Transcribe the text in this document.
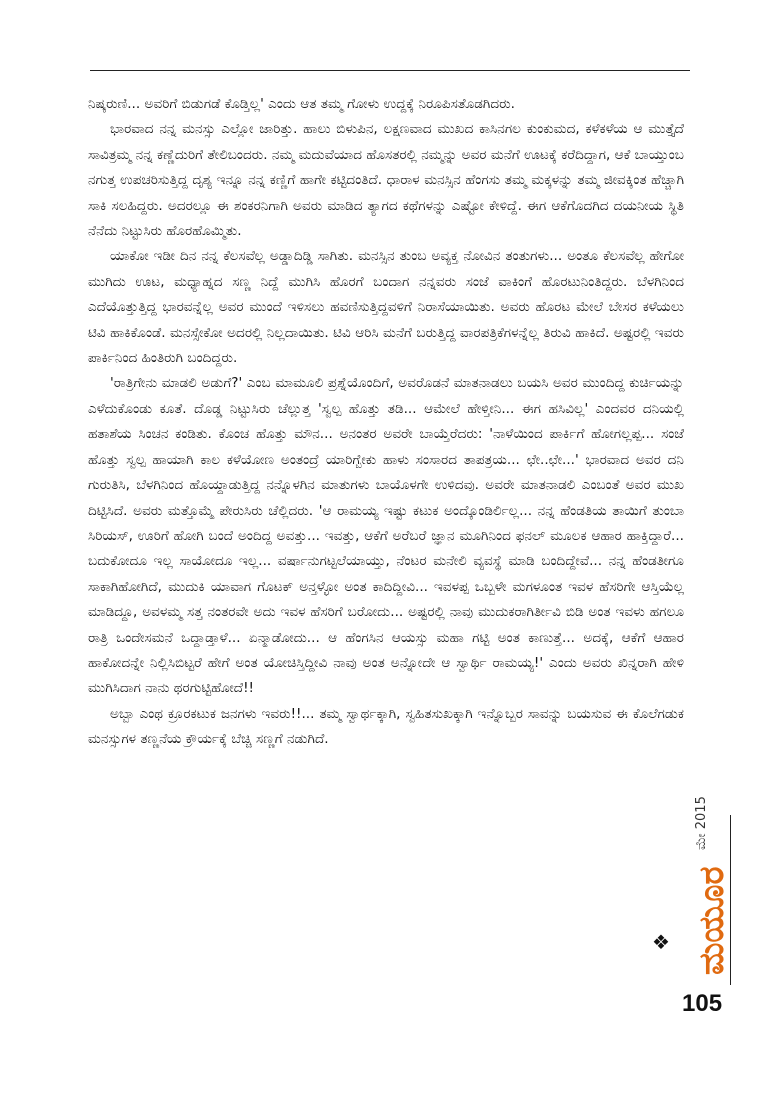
ನಿಷ್ಕರುಣಿ... ಅವರಿಗೆ ಬಿಡುಗಡೆ ಕೊಡ್ತಿಲ್ಲ' ಎಂದು ಆತ ತಮ್ಮ ಗೋಳು ಉದ್ದಕ್ಕೆ ನಿರೂಪಿಸತೊಡಗಿದರು.

ಭಾರವಾದ ನನ್ನ ಮನಸ್ಸು ಎಲ್ಲೋ ಜಾರಿತ್ತು. ಹಾಲು ಬಿಳುಪಿನ, ಲಕ್ಷಣವಾದ ಮುಖದ ಕಾಸಿನಗಲ ಕುಂಕುಮದ, ಕಳೆಕಳೆಯ ಆ ಮುತ್ತೈದೆ ಸಾವಿತ್ರಮ್ಮ ನನ್ನ ಕಣ್ಣೆದುರಿಗೆ ತೇಲಿಬಂದರು. ನಮ್ಮ ಮದುವೆಯಾದ ಹೊಸತರಲ್ಲಿ ನಮ್ಮನ್ನು ಅವರ ಮನೆಗೆ ಊಟಕ್ಕೆ ಕರೆದಿದ್ದಾಗ, ಆಕೆ ಬಾಯ್ತುಂಬ ನಗುತ್ತ ಉಪಚರಿಸುತ್ತಿದ್ದ ದೃಶ್ಯ ಇನ್ನೂ ನನ್ನ ಕಣ್ಣಿಗೆ ಹಾಗೇ ಕಟ್ಟಿದಂತಿದೆ. ಧಾರಾಳ ಮನಸ್ಸಿನ ಹೆಂಗಸು ತಮ್ಮ ಮಕ್ಕಳನ್ನು ತಮ್ಮ ಜೀವಕ್ಕಿಂತ ಹೆಚ್ಚಾಗಿ ಸಾಕಿ ಸಲಹಿದ್ದರು. ಅದರಲ್ಲೂ ಈ ಶಂಕರನಿಗಾಗಿ ಅವರು ಮಾಡಿದ ತ್ಯಾಗದ ಕಥೆಗಳನ್ನು ಎಷ್ಟೋ ಕೇಳಿದ್ದೆ. ಈಗ ಆಕೆಗೊದಗಿದ ದಯನೀಯ ಸ್ಥಿತಿ ನೆನೆದು ನಿಟ್ಟುಸಿರು ಹೊರಹೊಮ್ಮಿತು.

ಯಾಕೋ ಇಡೀ ದಿನ ನನ್ನ ಕೆಲಸವೆಲ್ಲ ಅಡ್ಡಾದಿಡ್ಡಿ ಸಾಗಿತು. ಮನಸ್ಸಿನ ತುಂಬ ಅವ್ಯಕ್ತ ನೋವಿನ ತಂತುಗಳು... ಅಂತೂ ಕೆಲಸವೆಲ್ಲ ಹೇಗೋ ಮುಗಿದು ಊಟ, ಮಧ್ಯಾಹ್ನದ ಸಣ್ಣ ನಿದ್ದೆ ಮುಗಿಸಿ ಹೊರಗೆ ಬಂದಾಗ ನನ್ನವರು ಸಂಜೆ ವಾಕಿಂಗೆ ಹೊರಟುನಿಂತಿದ್ದರು. ಬೆಳಗಿನಿಂದ ಎದೆಯೊತ್ತುತ್ತಿದ್ದ ಭಾರವನ್ನೆಲ್ಲ ಅವರ ಮುಂದೆ ಇಳಿಸಲು ಹವಣಿಸುತ್ತಿದ್ದವಳಿಗೆ ನಿರಾಸೆಯಾಯಿತು. ಅವರು ಹೊರಟ ಮೇಲೆ ಬೇಸರ ಕಳೆಯಲು ಟಿವಿ ಹಾಕಿಕೊಂಡೆ. ಮನಸ್ಸೇಕೋ ಅದರಲ್ಲಿ ನಿಲ್ಲದಾಯಿತು. ಟಿವಿ ಆರಿಸಿ ಮನೆಗೆ ಬರುತ್ತಿದ್ದ ವಾರಪತ್ರಿಕೆಗಳನ್ನೆಲ್ಲ ತಿರುವಿ ಹಾಕಿದೆ. ಅಷ್ಟರಲ್ಲಿ ಇವರು ಪಾರ್ಕಿನಿಂದ ಹಿಂತಿರುಗಿ ಬಂದಿದ್ದರು.

'ರಾತ್ರಿಗೇನು ಮಾಡಲಿ ಅಡುಗೆ?' ಎಂಬ ಮಾಮೂಲಿ ಪ್ರಶ್ನೆಯೊಂದಿಗೆ, ಅವರೊಡನೆ ಮಾತನಾಡಲು ಬಯಸಿ ಅವರ ಮುಂದಿದ್ದ ಕುರ್ಚಿಯನ್ನು ಎಳೆದುಕೊಂಡು ಕೂತೆ. ದೊಡ್ಡ ನಿಟ್ಟುಸಿರು ಚೆಲ್ಲುತ್ತ 'ಸ್ವಲ್ಪ ಹೊತ್ತು ತಡಿ... ಆಮೇಲೆ ಹೇಳ್ತೀನಿ... ಈಗ ಹಸಿವಿಲ್ಲ' ಎಂದವರ ದನಿಯಲ್ಲಿ ಹತಾಶೆಯ ಸಿಂಚನ ಕಂಡಿತು. ಕೊಂಚ ಹೊತ್ತು ಮೌನ... ಅನಂತರ ಅವರೇ ಬಾಯ್ತೆರೆದರು: 'ನಾಳೆಯಿಂದ ಪಾರ್ಕಿಗೆ ಹೋಗಲ್ಲಪ್ಪ... ಸಂಜೆ ಹೊತ್ತು ಸ್ವಲ್ಪ ಹಾಯಾಗಿ ಕಾಲ ಕಳೆಯೋಣ ಅಂತಂದ್ರೆ ಯಾರಿಗ್ಬೇಕು ಹಾಳು ಸಂಸಾರದ ತಾಪತ್ರಯ... ಛೇ..ಛೇ...' ಭಾರವಾದ ಅವರ ದನಿ ಗುರುತಿಸಿ, ಬೆಳಗಿನಿಂದ ಹೊಯ್ದಾಡುತ್ತಿದ್ದ ನನ್ನೊಳಗಿನ ಮಾತುಗಳು ಬಾಯೊಳಗೇ ಉಳಿದವು. ಅವರೇ ಮಾತನಾಡಲಿ ಎಂಬಂತೆ ಅವರ ಮುಖ ದಿಟ್ಟಿಸಿದೆ. ಅವರು ಮತ್ತೊಮ್ಮೆ ಪೇರುಸಿರು ಚೆಲ್ಲಿದರು. 'ಆ ರಾಮಯ್ಯ ಇಷ್ಟು ಕಟುಕ ಅಂದ್ಕೊಂಡಿರ್ಲಿಲ್ಲ... ನನ್ನ ಹೆಂಡತಿಯ ತಾಯಿಗೆ ತುಂಬಾ ಸಿರಿಯಸ್, ಊರಿಗೆ ಹೋಗಿ ಬಂದೆ ಅಂದಿದ್ದ ಅವತ್ತು... ಇವತ್ತು, ಆಕೆಗೆ ಅರೆಬರೆ ಜ್ಞಾನ ಮೂಗಿನಿಂದ ಫನಲ್ ಮೂಲಕ ಆಹಾರ ಹಾಕ್ತಿದ್ದಾರೆ... ಬದುಕೋದೂ ಇಲ್ಲ ಸಾಯೋದೂ ಇಲ್ಲ... ವರ್ಷಾನುಗಟ್ಟಲೆಯಾಯ್ತು, ನೆಂಟರ ಮನೇಲಿ ವ್ಯವಸ್ಥೆ ಮಾಡಿ ಬಂದಿದ್ದೇವೆ... ನನ್ನ ಹೆಂಡತೀಗೂ ಸಾಕಾಗಿಹೋಗಿದೆ, ಮುದುಕಿ ಯಾವಾಗ ಗೊಟಕ್ ಅನ್ತಳ್ಳೋ ಅಂತ ಕಾದಿದ್ದೀವಿ... ಇವಳಪ್ಪ ಒಬ್ಬಳೇ ಮಗಳೂಂತ ಇವಳ ಹೆಸರಿಗೇ ಆಸ್ತಿಯೆಲ್ಲ ಮಾಡಿದ್ದೂ, ಅವಳಮ್ಮ ಸತ್ತ ನಂತರವೇ ಅದು ಇವಳ ಹೆಸರಿಗೆ ಬರೋದು... ಅಷ್ಟರಲ್ಲಿ ನಾವು ಮುದುಕರಾಗಿರ್ತೀವಿ ಬಿಡಿ ಅಂತ ಇವಳು ಹಗಲೂ ರಾತ್ರಿ ಒಂದೇಸಮನೆ ಒದ್ದಾಡ್ತಾಳೆ... ಏನ್ಮಾಡೋದು... ಆ ಹೆಂಗಸಿನ ಆಯಸ್ಸು ಮಹಾ ಗಟ್ಟಿ ಅಂತ ಕಾಣುತ್ತೆ... ಅದಕ್ಕೆ, ಆಕೆಗೆ ಆಹಾರ ಹಾಕೋದನ್ನೇ ನಿಲ್ಲಿಸಿಬಿಟ್ಟರೆ ಹೇಗೆ ಅಂತ ಯೋಚಿಸ್ತಿದ್ದೀವಿ ನಾವು ಅಂತ ಅನ್ನೋದೇ ಆ ಸ್ವಾರ್ಥಿ ರಾಮಯ್ಯ!' ಎಂದು ಅವರು ಖಿನ್ನರಾಗಿ ಹೇಳಿ ಮುಗಿಸಿದಾಗ ನಾನು ಥರಗುಟ್ಟಿಹೋದೆ!!

ಅಬ್ಬಾ ಎಂಥ ಕ್ರೂರಕಟುಕ ಜನಗಳು ಇವರು!!... ತಮ್ಮ ಸ್ವಾರ್ಥಕ್ಕಾಗಿ, ಸ್ವಹಿತಸುಖಕ್ಕಾಗಿ ಇನ್ನೊಬ್ಬರ ಸಾವನ್ನು ಬಯಸುವ ಈ ಕೊಲೆಗಡುಕ ಮನಸ್ಸುಗಳ ತಣ್ಣನೆಯ ಕ್ರೌರ್ಯಕ್ಕೆ ಬೆಚ್ಚಿ ಸಣ್ಣಗೆ ನಡುಗಿದೆ.

❖
ಮೇ 2015
ಮಯೂರ
105
